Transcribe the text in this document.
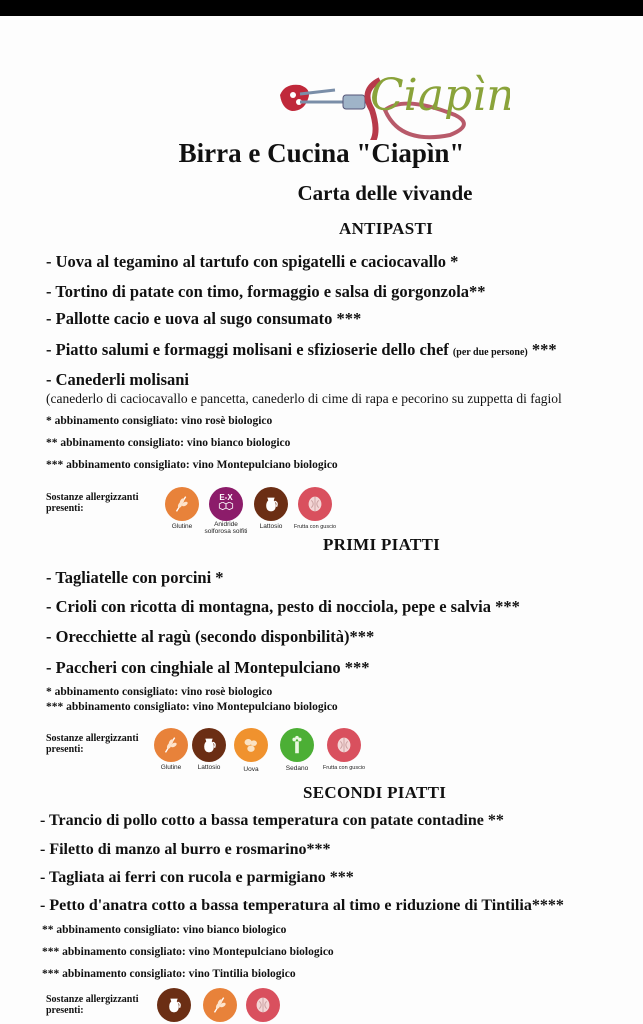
Ciapìn
Birra e Cucina "Ciapìn"
Carta delle vivande
ANTIPASTI
- Uova al tegamino al tartufo con spigatelli e caciocavallo *
- Tortino di patate con timo, formaggio e salsa di gorgonzola**
- Pallotte cacio e uova al sugo consumato ***
- Piatto salumi e formaggi molisani e sfizioserie dello chef (per due persone) ***
- Canederli molisani
(canederlo di caciocavallo e pancetta, canederlo di cime di rapa e pecorino su zuppetta di fagiol
* abbinamento consigliato: vino rosè biologico
** abbinamento consigliato: vino bianco biologico
*** abbinamento consigliato: vino Montepulciano biologico
Sostanze allergizzanti presenti:
Glutine
E-X
Anidride solforosa solfiti
Lattosio	Frutta con guscio
PRIMI PIATTI
- Tagliatelle con porcini *
- Crioli con ricotta di montagna, pesto di nocciola, pepe e salvia ***
- Orecchiette al ragù (secondo disponbilità)***
- Paccheri con cinghiale al Montepulciano ***
* abbinamento consigliato: vino rosè biologico
*** abbinamento consigliato: vino Montepulciano biologico
Sostanze allergizzanti presenti:
Glutine	Lattosio	Uova	Sedano	Frutta con guscio
SECONDI PIATTI
- Trancio di pollo cotto a bassa temperatura con patate contadine **
- Filetto di manzo al burro e rosmarino***
- Tagliata ai ferri con rucola e parmigiano ***
- Petto d'anatra cotto a bassa temperatura al timo e riduzione di Tintilia****
** abbinamento consigliato: vino bianco biologico
*** abbinamento consigliato: vino Montepulciano biologico
*** abbinamento consigliato: vino Tintilia biologico
Sostanze allergizzanti presenti:
